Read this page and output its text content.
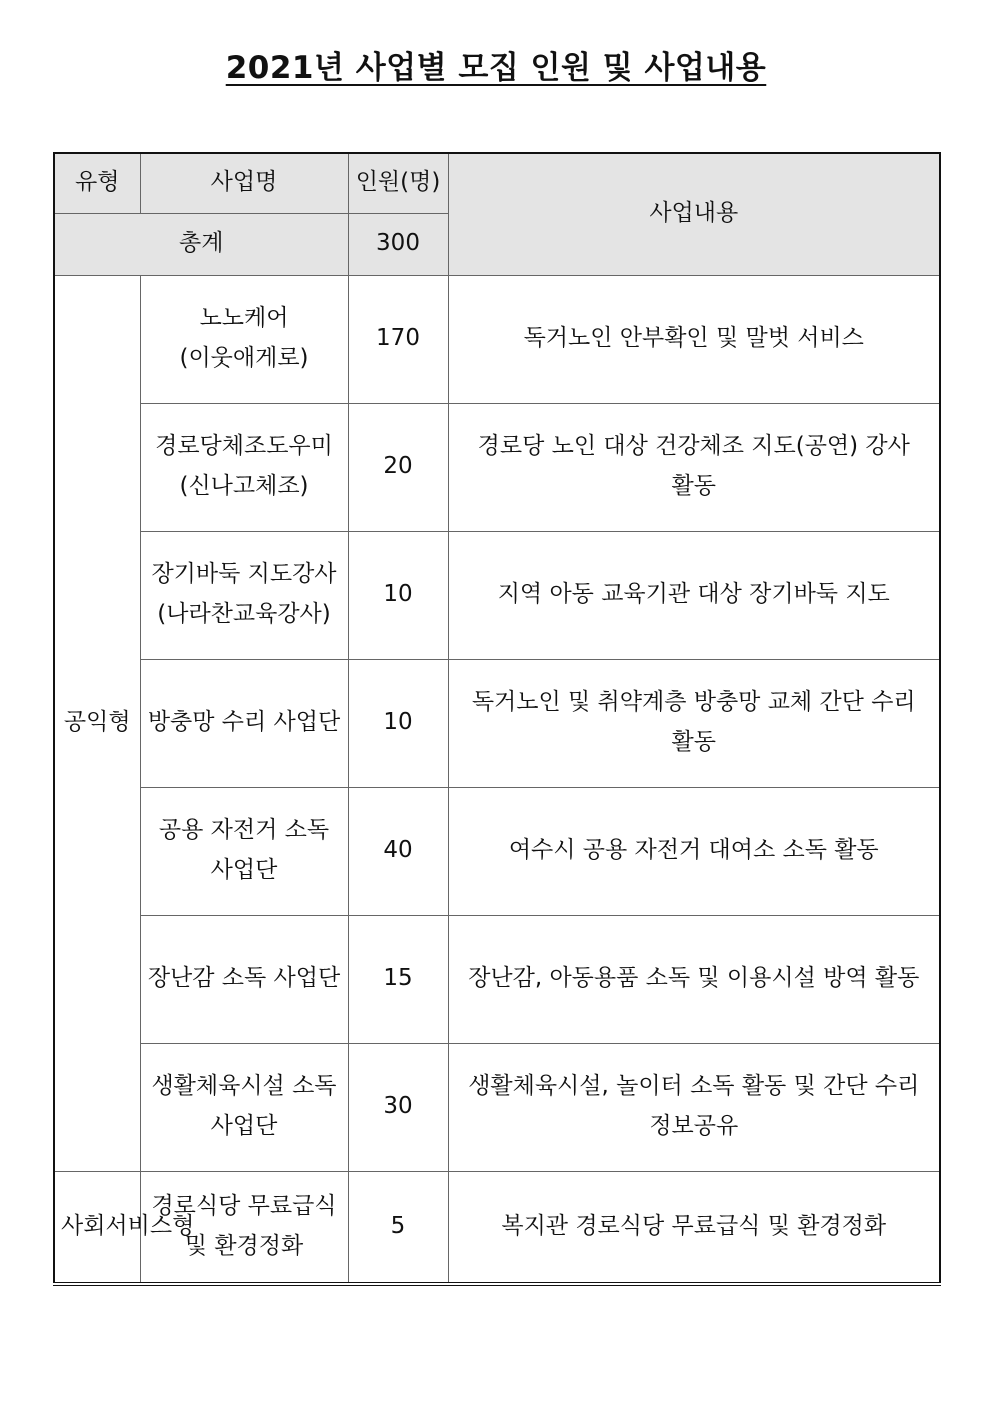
2021년 사업별 모집 인원 및 사업내용
유형	사업명	인원(명)	사업내용
총계		300	
공익형	노노케어 (이웃애게로)	170	독거노인 안부확인 및 말벗 서비스
	경로당체조도우미 (신나고체조)	20	경로당 노인 대상 건강체조 지도(공연) 강사 활동
	장기바둑 지도강사 (나라찬교육강사)	10	지역 아동 교육기관 대상 장기바둑 지도
	방충망 수리 사업단	10	독거노인 및 취약계층 방충망 교체 간단 수리 활동
	공용 자전거 소독 사업단	40	여수시 공용 자전거 대여소 소독 활동
	장난감 소독 사업단	15	장난감, 아동용품 소독 및 이용시설 방역 활동
	생활체육시설 소독 사업단	30	생활체육시설, 놀이터 소독 활동 및 간단 수리 정보공유
사회서비스형	경로식당 무료급식 및 환경정화	5	복지관 경로식당 무료급식 및 환경정화
